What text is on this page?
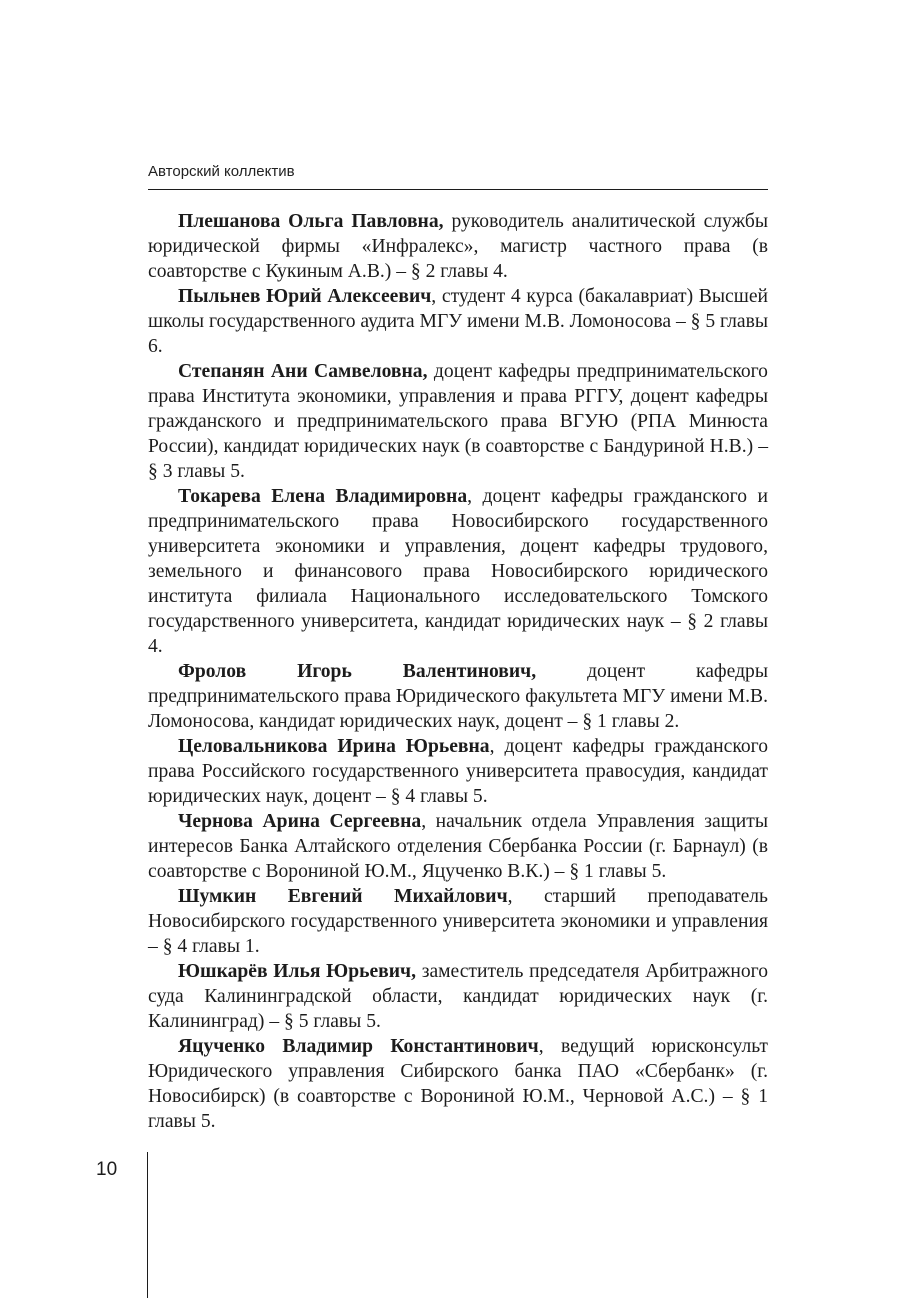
Авторский коллектив

Плешанова Ольга Павловна, руководитель аналитической службы юридической фирмы «Инфралекс», магистр частного права (в соавторстве с Кукиным А.В.) – § 2 главы 4.

Пыльнев Юрий Алексеевич, студент 4 курса (бакалавриат) Высшей школы государственного аудита МГУ имени М.В. Ломоносова – § 5 главы 6.

Степанян Ани Самвеловна, доцент кафедры предпринимательского права Института экономики, управления и права РГГУ, доцент кафедры гражданского и предпринимательского права ВГУЮ (РПА Минюста России), кандидат юридических наук (в соавторстве с Бандуриной Н.В.) – § 3 главы 5.

Токарева Елена Владимировна, доцент кафедры гражданского и предпринимательского права Новосибирского государственного университета экономики и управления, доцент кафедры трудового, земельного и финансового права Новосибирского юридического института филиала Национального исследовательского Томского государственного университета, кандидат юридических наук – § 2 главы 4.

Фролов Игорь Валентинович, доцент кафедры предпринимательского права Юридического факультета МГУ имени М.В. Ломоносова, кандидат юридических наук, доцент – § 1 главы 2.

Целовальникова Ирина Юрьевна, доцент кафедры гражданского права Российского государственного университета правосудия, кандидат юридических наук, доцент – § 4 главы 5.

Чернова Арина Сергеевна, начальник отдела Управления защиты интересов Банка Алтайского отделения Сбербанка России (г. Барнаул) (в соавторстве с Ворониной Ю.М., Яцученко В.К.) – § 1 главы 5.

Шумкин Евгений Михайлович, старший преподаватель Новосибирского государственного университета экономики и управления – § 4 главы 1.

Юшкарёв Илья Юрьевич, заместитель председателя Арбитражного суда Калининградской области, кандидат юридических наук (г. Калининград) – § 5 главы 5.

Яцученко Владимир Константинович, ведущий юрисконсульт Юридического управления Сибирского банка ПАО «Сбербанк» (г. Новосибирск) (в соавторстве с Ворониной Ю.М., Черновой А.С.) – § 1 главы 5.

10
